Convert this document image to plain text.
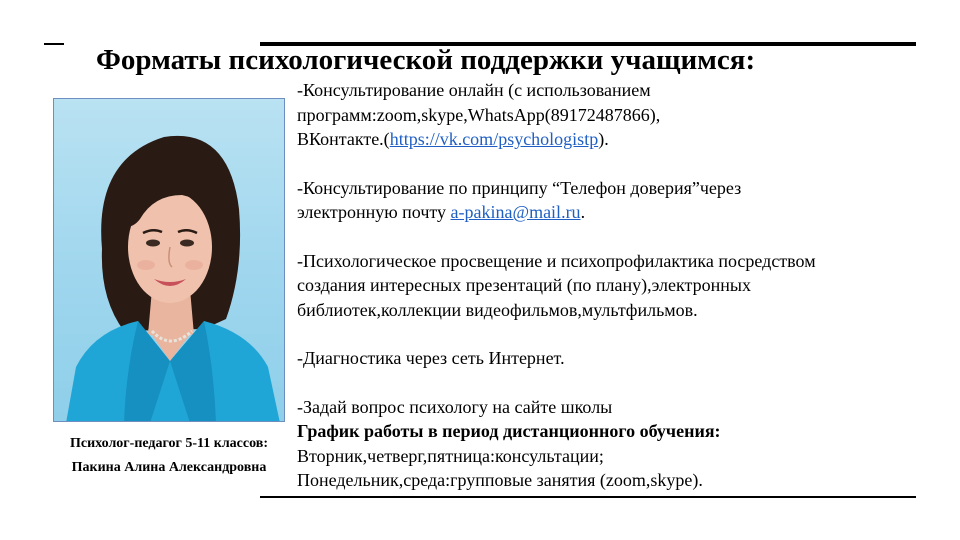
Форматы психологической поддержки учащимся:
Психолог-педагог 5-11 классов:
Пакина Алина Александровна
-Консультирование онлайн (с использованием
программ:zoom,skype,WhatsApp(89172487866),
ВКонтакте.(https://vk.com/psychologistp).
-Консультирование по принципу “Телефон доверия”через
электронную почту a-pakina@mail.ru.
-Психологическое просвещение и психопрофилактика посредством
создания интересных презентаций (по плану),электронных
библиотек,коллекции видеофильмов,мультфильмов.
-Диагностика через сеть Интернет.
-Задай вопрос психологу на сайте школы
График работы в период дистанционного обучения:
Вторник,четверг,пятница:консультации;
Понедельник,среда:групповые занятия (zoom,skype).
